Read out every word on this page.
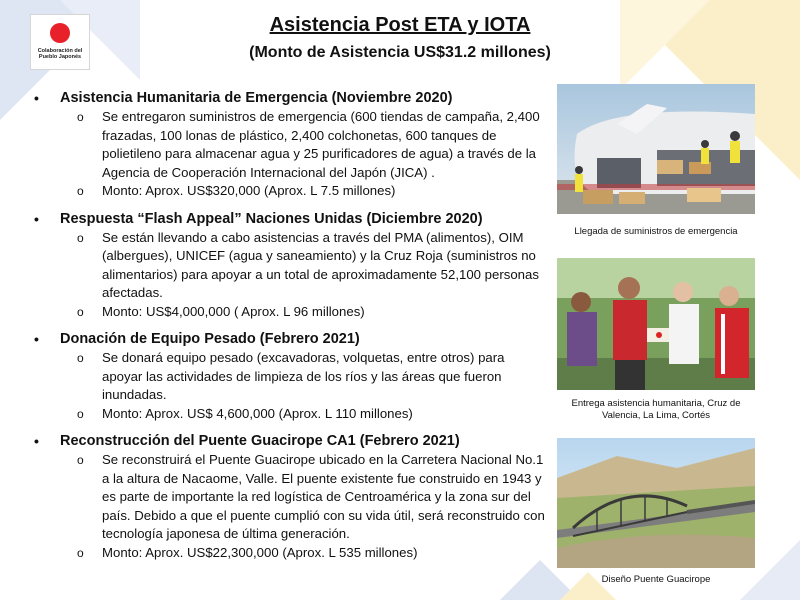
Colaboración del Pueblo Japonés
Asistencia Post ETA y IOTA
(Monto de Asistencia US$31.2 millones)
• Asistencia Humanitaria de Emergencia (Noviembre 2020)
o Se entregaron suministros de emergencia (600 tiendas de campaña, 2,400 frazadas, 100 lonas de plástico, 2,400 colchonetas, 600 tanques de polietileno para almacenar agua y 25 purificadores de agua) a través de la Agencia de Cooperación Internacional del Japón (JICA) .
o Monto: Aprox. US$320,000 (Aprox. L 7.5 millones)
• Respuesta “Flash Appeal” Naciones Unidas (Diciembre 2020)
o Se están llevando a cabo asistencias a través del PMA (alimentos), OIM (albergues), UNICEF (agua y saneamiento) y la Cruz Roja (suministros no alimentarios) para apoyar a un total de aproximadamente 52,100 personas afectadas.
o Monto: US$4,000,000 ( Aprox. L 96 millones)
• Donación de Equipo Pesado (Febrero 2021)
o Se donará equipo pesado (excavadoras, volquetas, entre otros) para apoyar las actividades de limpieza de los ríos y las áreas que fueron inundadas.
o Monto: Aprox. US$ 4,600,000 (Aprox. L 110 millones)
• Reconstrucción del Puente Guacirope CA1 (Febrero 2021)
o Se reconstruirá el Puente Guacirope ubicado en la Carretera Nacional No.1 a la altura de Nacaome, Valle. El puente existente fue construido en 1943 y es parte de importante la red logística de Centroamérica y la zona sur del país. Debido a que el puente cumplió con su vida útil, será reconstruido con tecnología japonesa de última generación.
o Monto: Aprox. US$22,300,000 (Aprox. L 535 millones)
Llegada de suministros de emergencia
Entrega asistencia humanitaria, Cruz de Valencia, La Lima, Cortés
Diseño Puente Guacirope
